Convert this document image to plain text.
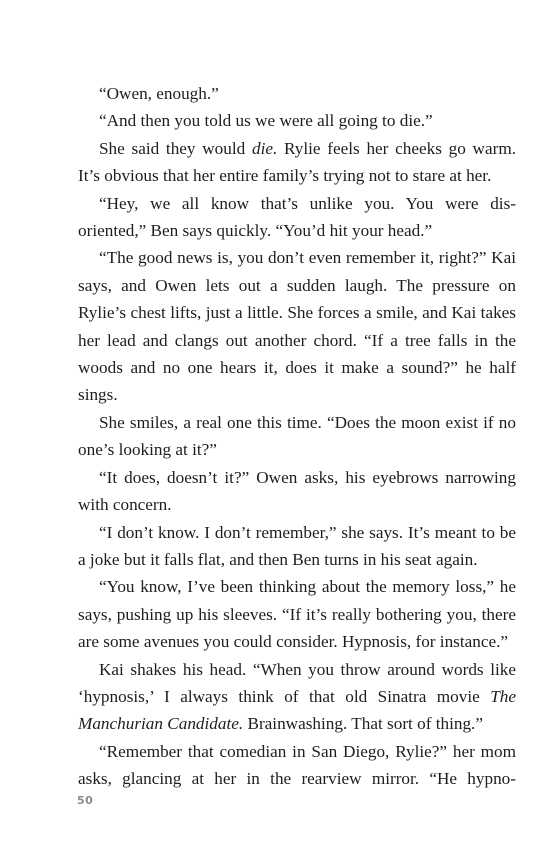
“Owen, enough.”

“And then you told us we were all going to die.”

She said they would die. Rylie feels her cheeks go warm. It’s obvious that her entire family’s trying not to stare at her.

“Hey, we all know that’s unlike you. You were dis-oriented,” Ben says quickly. “You’d hit your head.”

“The good news is, you don’t even remember it, right?” Kai says, and Owen lets out a sudden laugh. The pressure on Rylie’s chest lifts, just a little. She forces a smile, and Kai takes her lead and clangs out another chord. “If a tree falls in the woods and no one hears it, does it make a sound?” he half sings.

She smiles, a real one this time. “Does the moon exist if no one’s looking at it?”

“It does, doesn’t it?” Owen asks, his eyebrows narrowing with concern.

“I don’t know. I don’t remember,” she says. It’s meant to be a joke but it falls flat, and then Ben turns in his seat again.

“You know, I’ve been thinking about the memory loss,” he says, pushing up his sleeves. “If it’s really bothering you, there are some avenues you could consider. Hypnosis, for instance.”

Kai shakes his head. “When you throw around words like ‘hypnosis,’ I always think of that old Sinatra movie The Manchurian Candidate. Brainwashing. That sort of thing.”

“Remember that comedian in San Diego, Rylie?” her mom asks, glancing at her in the rearview mirror. “He hypno-

50
